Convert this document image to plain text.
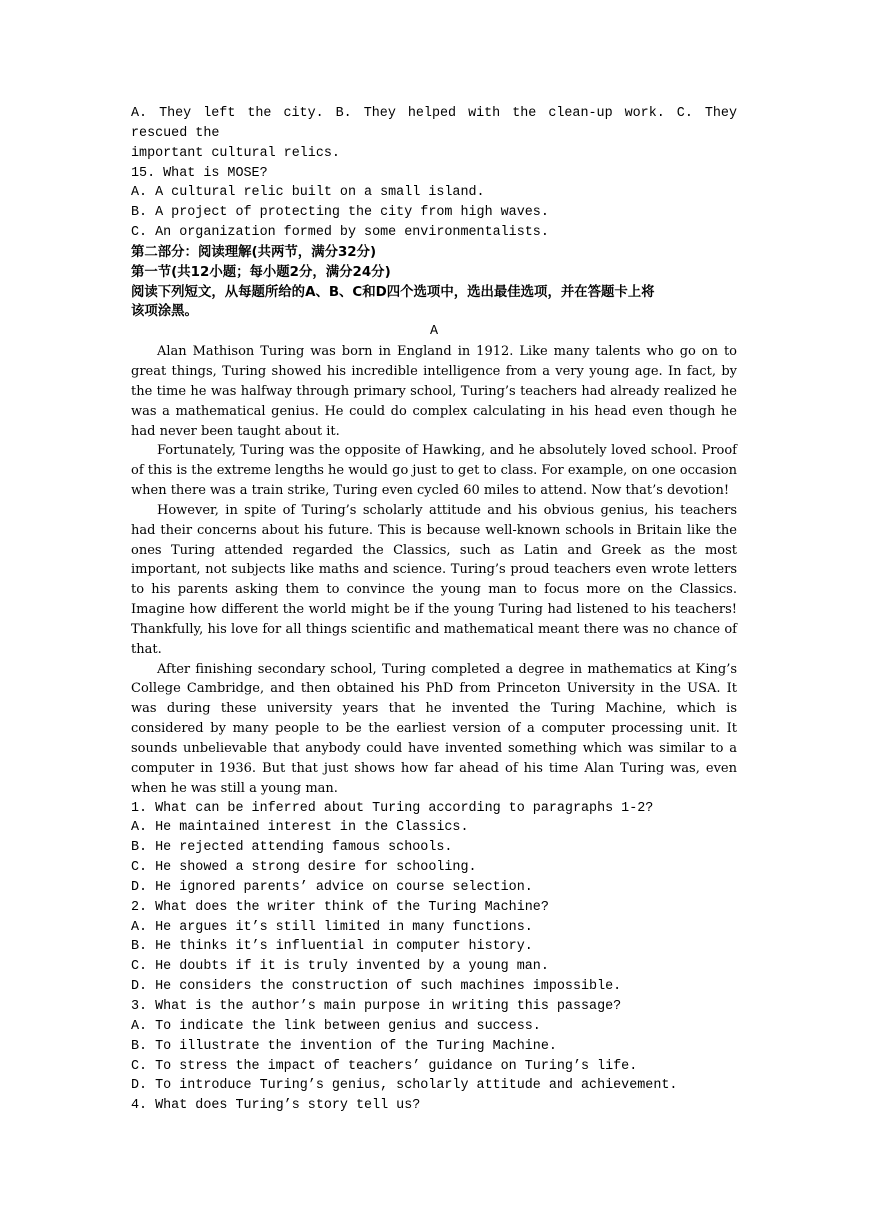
A. They left the city. B. They helped with the clean-up work. C. They rescued the
important cultural relics.
15. What is MOSE?
A. A cultural relic built on a small island.
B. A project of protecting the city from high waves.
C. An organization formed by some environmentalists.
第二部分：阅读理解(共两节，满分32分)
第一节(共12小题；每小题2分，满分24分)
阅读下列短文，从每题所给的A、B、C和D四个选项中，选出最佳选项，并在答题卡上将
该项涂黑。
A

Alan Mathison Turing was born in England in 1912. Like many talents who go on to great things, Turing showed his incredible intelligence from a very young age. In fact, by the time he was halfway through primary school, Turing’s teachers had already realized he was a mathematical genius. He could do complex calculating in his head even though he had never been taught about it.

Fortunately, Turing was the opposite of Hawking, and he absolutely loved school. Proof of this is the extreme lengths he would go just to get to class. For example, on one occasion when there was a train strike, Turing even cycled 60 miles to attend. Now that’s devotion!

However, in spite of Turing’s scholarly attitude and his obvious genius, his teachers had their concerns about his future. This is because well-known schools in Britain like the ones Turing attended regarded the Classics, such as Latin and Greek as the most important, not subjects like maths and science. Turing’s proud teachers even wrote letters to his parents asking them to convince the young man to focus more on the Classics. Imagine how different the world might be if the young Turing had listened to his teachers! Thankfully, his love for all things scientific and mathematical meant there was no chance of that.

After finishing secondary school, Turing completed a degree in mathematics at King’s College Cambridge, and then obtained his PhD from Princeton University in the USA. It was during these university years that he invented the Turing Machine, which is considered by many people to be the earliest version of a computer processing unit. It sounds unbelievable that anybody could have invented something which was similar to a computer in 1936. But that just shows how far ahead of his time Alan Turing was, even when he was still a young man.

1. What can be inferred about Turing according to paragraphs 1-2?
A. He maintained interest in the Classics.
B. He rejected attending famous schools.
C. He showed a strong desire for schooling.
D. He ignored parents’ advice on course selection.
2. What does the writer think of the Turing Machine?
A. He argues it’s still limited in many functions.
B. He thinks it’s influential in computer history.
C. He doubts if it is truly invented by a young man.
D. He considers the construction of such machines impossible.
3. What is the author’s main purpose in writing this passage?
A. To indicate the link between genius and success.
B. To illustrate the invention of the Turing Machine.
C. To stress the impact of teachers’ guidance on Turing’s life.
D. To introduce Turing’s genius, scholarly attitude and achievement.
4. What does Turing’s story tell us?
